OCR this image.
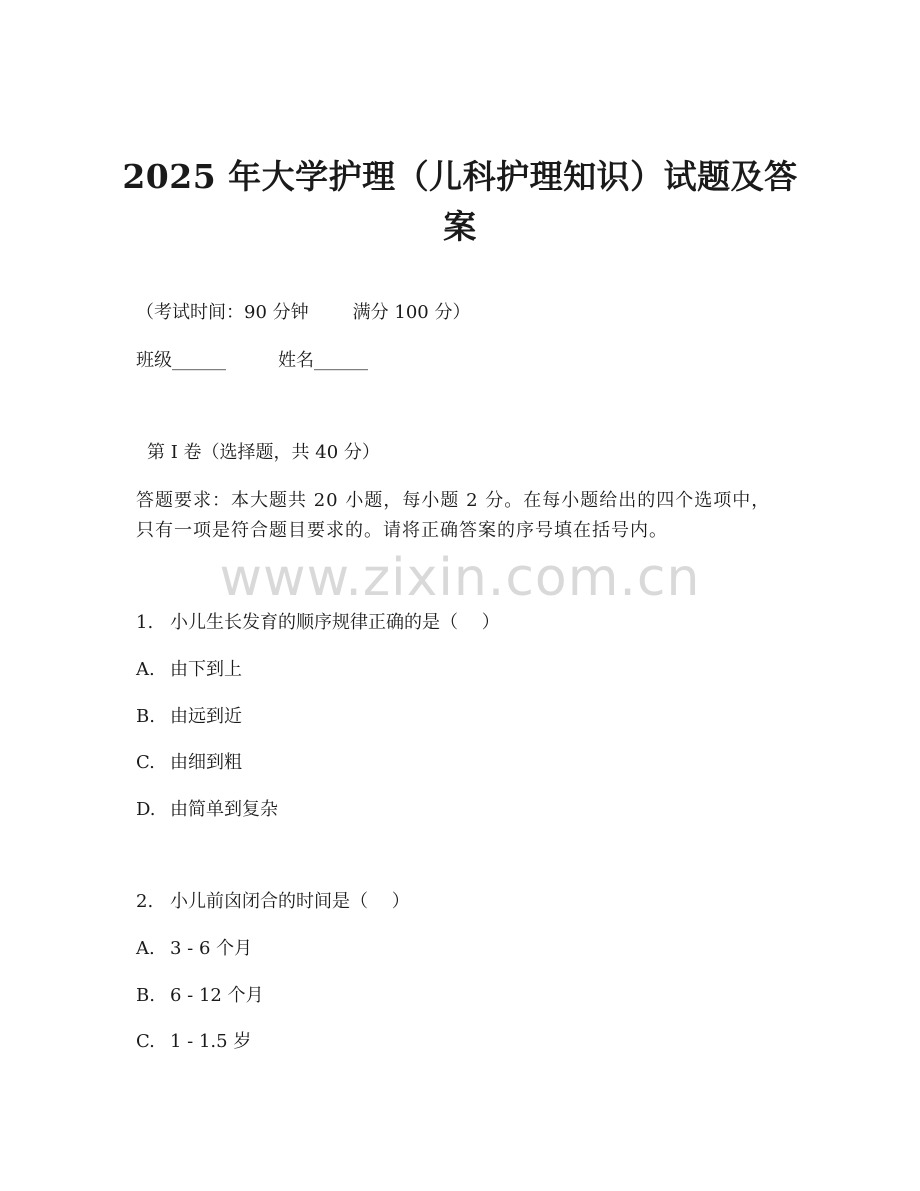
2025 年大学护理（儿科护理知识）试题及答
案
（考试时间：90 分钟 满分 100 分）
班级______	姓名______
第 I 卷（选择题，共 40 分）
答题要求：本大题共 20 小题，每小题 2 分。在每小题给出的四个选项中，只有一项是符合题目要求的。请将正确答案的序号填在括号内。
www.zixin.com.cn
1. 小儿生长发育的顺序规律正确的是（　 ）
A. 由下到上
B. 由远到近
C. 由细到粗
D. 由简单到复杂
2. 小儿前囟闭合的时间是（　 ）
A. 3 - 6 个月
B. 6 - 12 个月
C. 1 - 1.5 岁
